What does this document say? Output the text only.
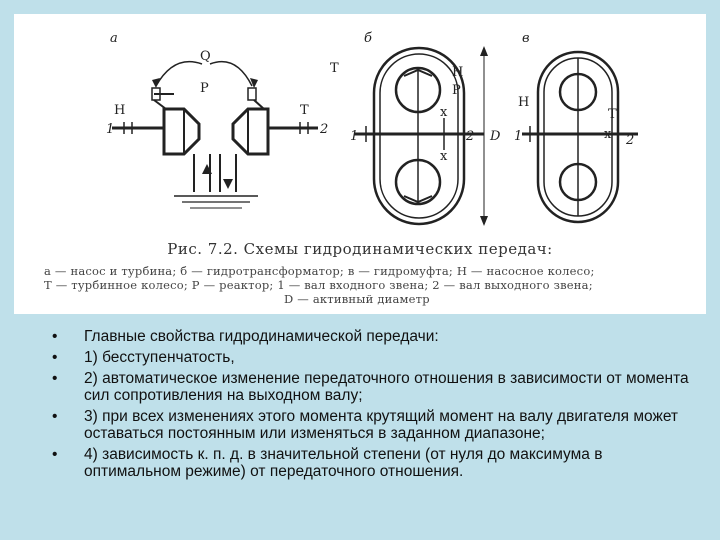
а
Q
Р
Н	Т
1	2
б
Т	Н
Р
x
x
1	2 D
в
Н
Т
x
1	2
Рис. 7.2. Схемы гидродинамических передач:
а — насос и турбина; б — гидротрансформатор; в — гидромуфта; Н — насосное колесо;
Т — турбинное колесо; Р — реактор; 1 — вал входного звена; 2 — вал выходного звена;
D — активный диаметр
• Главные свойства гидродинамической передачи:
• 1) бесступенчатость,
• 2) автоматическое изменение передаточного отношения в зависимости от момента сил сопротивления на выходном валу;
• 3) при всех изменениях этого момента крутящий момент на валу двигателя может оставаться постоянным или изменяться в заданном диапазоне;
• 4) зависимость к. п. д. в значительной степени (от нуля до максимума в оптимальном режиме) от передаточного отношения.
